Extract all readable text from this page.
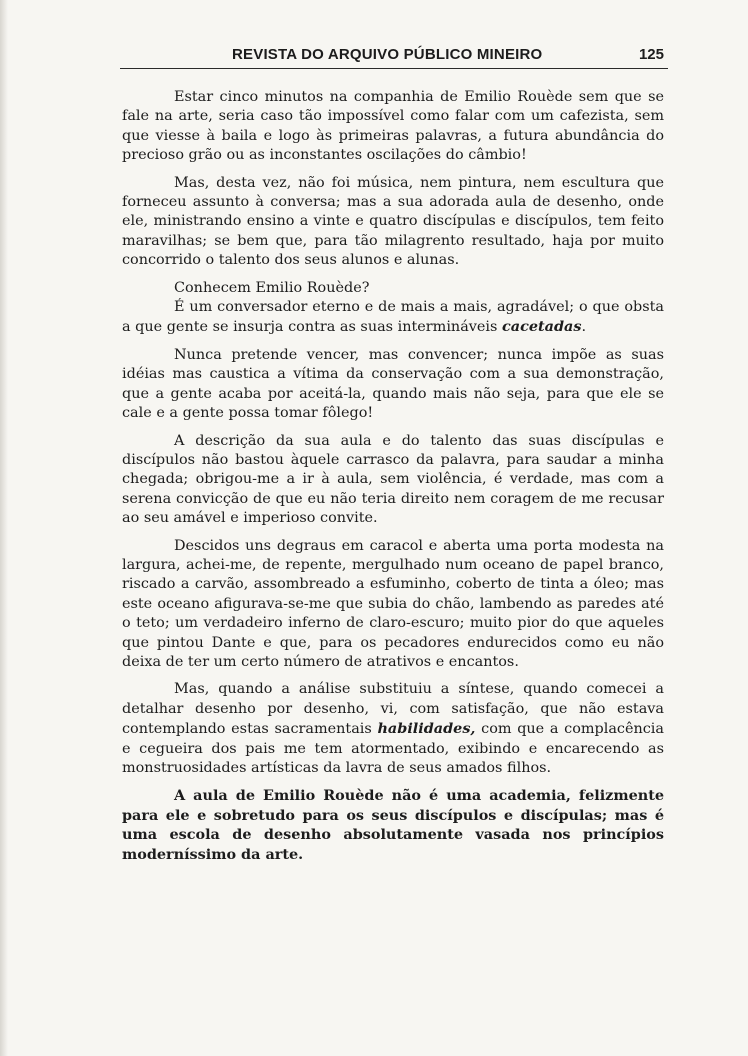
REVISTA DO ARQUIVO PÚBLICO MINEIRO	125

Estar cinco minutos na companhia de Emilio Rouède sem que se fale na arte, seria caso tão impossível como falar com um cafezista, sem que viesse à baila e logo às primeiras palavras, a futura abundância do precioso grão ou as inconstantes oscilações do câmbio!

Mas, desta vez, não foi música, nem pintura, nem escultura que forneceu assunto à conversa; mas a sua adorada aula de desenho, onde ele, ministrando ensino a vinte e quatro discípulas e discípulos, tem feito maravilhas; se bem que, para tão milagrento resultado, haja por muito concorrido o talento dos seus alunos e alunas.

Conhecem Emilio Rouède?

É um conversador eterno e de mais a mais, agradável; o que obsta a que gente se insurja contra as suas intermináveis cacetadas.

Nunca pretende vencer, mas convencer; nunca impõe as suas idéias mas caustica a vítima da conservação com a sua demonstração, que a gente acaba por aceitá-la, quando mais não seja, para que ele se cale e a gente possa tomar fôlego!

A descrição da sua aula e do talento das suas discípulas e discípulos não bastou àquele carrasco da palavra, para saudar a minha chegada; obrigou-me a ir à aula, sem violência, é verdade, mas com a serena convicção de que eu não teria direito nem coragem de me recusar ao seu amável e imperioso convite.

Descidos uns degraus em caracol e aberta uma porta modesta na largura, achei-me, de repente, mergulhado num oceano de papel branco, riscado a carvão, assombreado a esfuminho, coberto de tinta a óleo; mas este oceano afigurava-se-me que subia do chão, lambendo as paredes até o teto; um verdadeiro inferno de claro-escuro; muito pior do que aqueles que pintou Dante e que, para os pecadores endurecidos como eu não deixa de ter um certo número de atrativos e encantos.

Mas, quando a análise substituiu a síntese, quando comecei a detalhar desenho por desenho, vi, com satisfação, que não estava contemplando estas sacramentais habilidades, com que a complacência e cegueira dos pais me tem atormentado, exibindo e encarecendo as monstruosidades artísticas da lavra de seus amados filhos.

A aula de Emilio Rouède não é uma academia, felizmente para ele e sobretudo para os seus discípulos e discípulas; mas é uma escola de desenho absolutamente vasada nos princípios moderníssimo da arte.
